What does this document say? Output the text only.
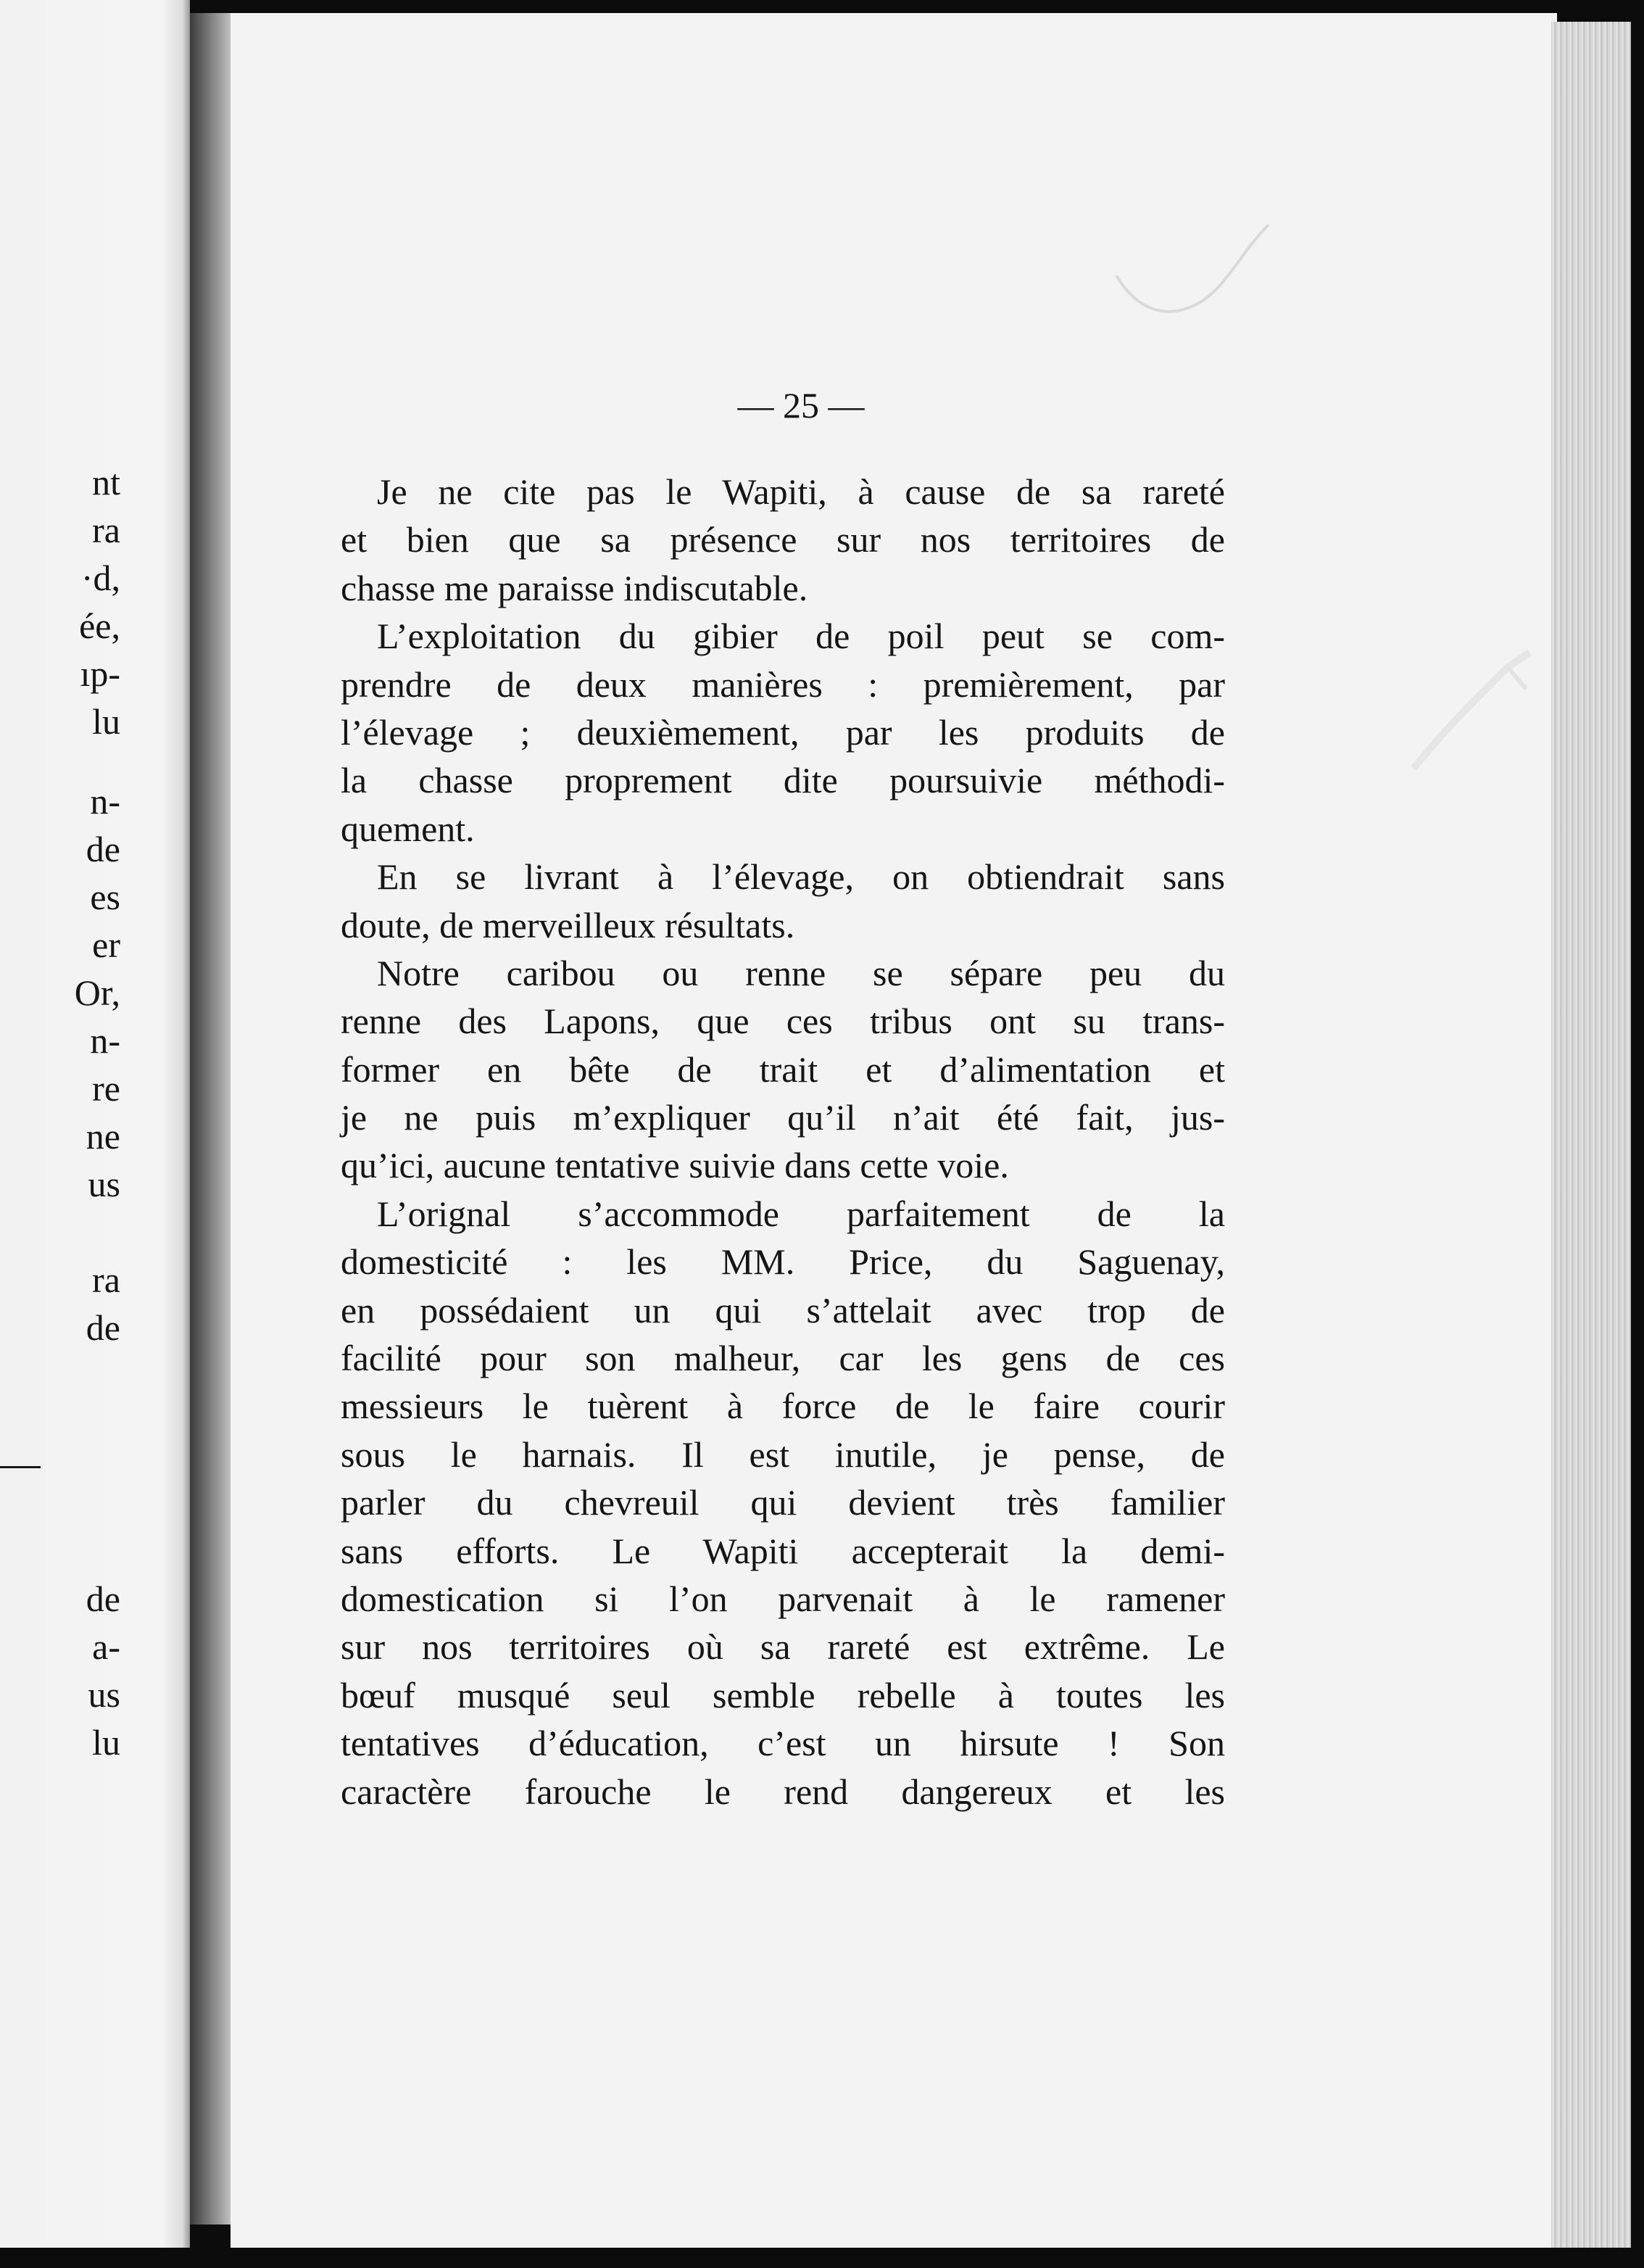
nt
ra
·d,
ée,
ıp-
lu
n-
de
es
er
Or,
n-
re
ne
us
ra
de
de
a-
us
lu
— 25 —
Je ne cite pas le Wapiti, à cause de sa rareté
et bien que sa présence sur nos territoires de
chasse me paraisse indiscutable.
L’exploitation du gibier de poil peut se com-
prendre de deux manières : premièrement, par
l’élevage ; deuxièmement, par les produits de
la chasse proprement dite poursuivie méthodi-
quement.
En se livrant à l’élevage, on obtiendrait sans
doute, de merveilleux résultats.
Notre caribou ou renne se sépare peu du
renne des Lapons, que ces tribus ont su trans-
former en bête de trait et d’alimentation et
je ne puis m’expliquer qu’il n’ait été fait, jus-
qu’ici, aucune tentative suivie dans cette voie.
L’orignal s’accommode parfaitement de la
domesticité : les MM. Price, du Saguenay,
en possédaient un qui s’attelait avec trop de
facilité pour son malheur, car les gens de ces
messieurs le tuèrent à force de le faire courir
sous le harnais. Il est inutile, je pense, de
parler du chevreuil qui devient très familier
sans efforts. Le Wapiti accepterait la demi-
domestication si l’on parvenait à le ramener
sur nos territoires où sa rareté est extrême. Le
bœuf musqué seul semble rebelle à toutes les
tentatives d’éducation, c’est un hirsute ! Son
caractère farouche le rend dangereux et les
